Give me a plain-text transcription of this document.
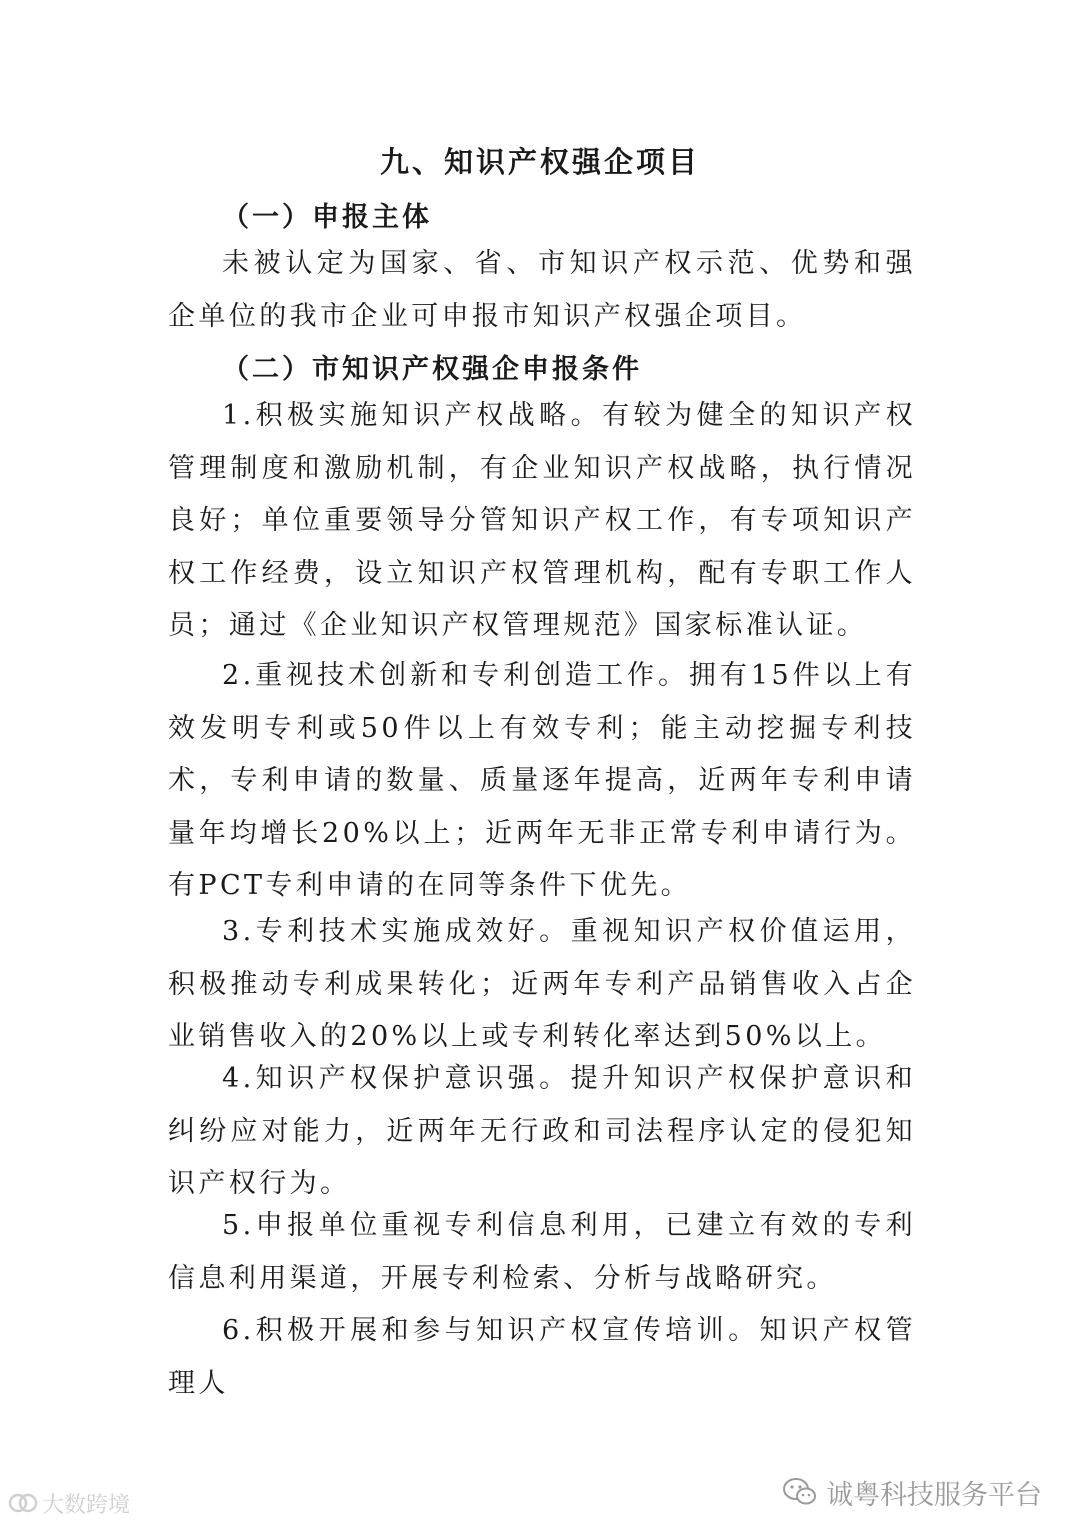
九、知识产权强企项目
（一）申报主体

未被认定为国家、省、市知识产权示范、优势和强企单位的我市企业可申报市知识产权强企项目。

（二）市知识产权强企申报条件

1.积极实施知识产权战略。有较为健全的知识产权管理制度和激励机制，有企业知识产权战略，执行情况良好；单位重要领导分管知识产权工作，有专项知识产权工作经费，设立知识产权管理机构，配有专职工作人员；通过《企业知识产权管理规范》国家标准认证。

2.重视技术创新和专利创造工作。拥有15件以上有效发明专利或50件以上有效专利；能主动挖掘专利技术，专利申请的数量、质量逐年提高，近两年专利申请量年均增长20%以上；近两年无非正常专利申请行为。有PCT专利申请的在同等条件下优先。

3.专利技术实施成效好。重视知识产权价值运用，积极推动专利成果转化；近两年专利产品销售收入占企业销售收入的20%以上或专利转化率达到50%以上。

4.知识产权保护意识强。提升知识产权保护意识和纠纷应对能力，近两年无行政和司法程序认定的侵犯知识产权行为。

5.申报单位重视专利信息利用，已建立有效的专利信息利用渠道，开展专利检索、分析与战略研究。

6.积极开展和参与知识产权宣传培训。知识产权管理人

大数跨境	诚粤科技服务平台
